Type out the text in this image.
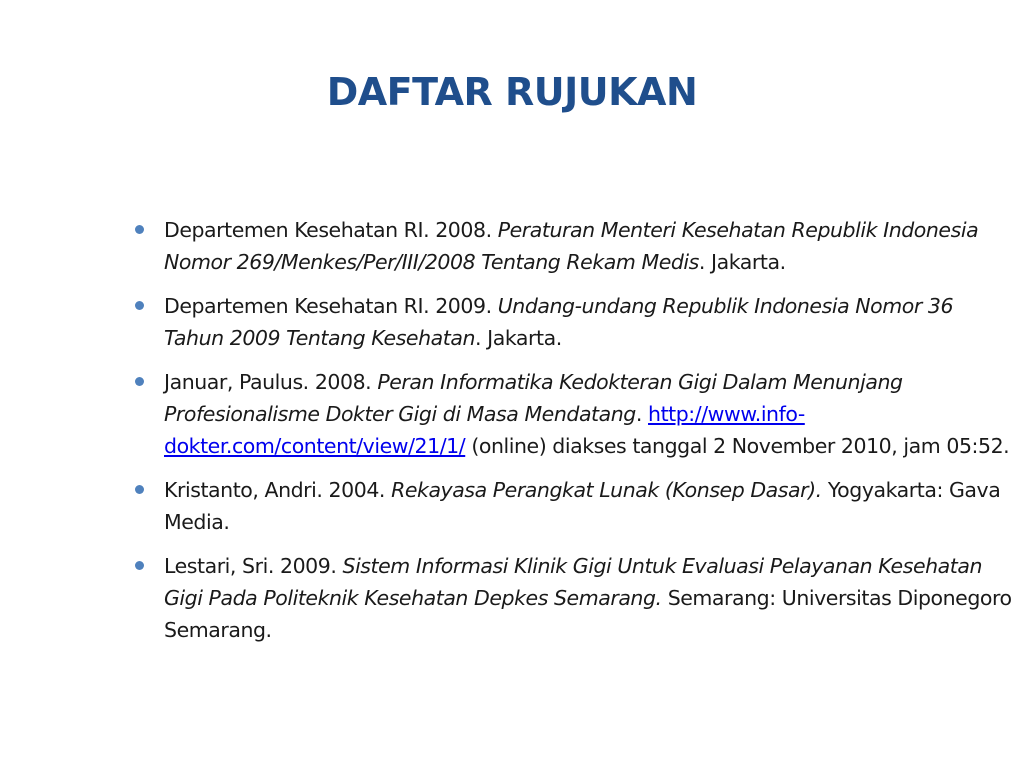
DAFTAR RUJUKAN
Departemen Kesehatan RI. 2008. Peraturan Menteri Kesehatan Republik Indonesia Nomor 269/Menkes/Per/III/2008 Tentang Rekam Medis. Jakarta.
Departemen Kesehatan RI. 2009. Undang-undang Republik Indonesia Nomor 36 Tahun 2009 Tentang Kesehatan. Jakarta.
Januar, Paulus. 2008. Peran Informatika Kedokteran Gigi Dalam Menunjang Profesionalisme Dokter Gigi di Masa Mendatang. http://www.info-dokter.com/content/view/21/1/ (online) diakses tanggal 2 November 2010, jam 05:52.
Kristanto, Andri. 2004. Rekayasa Perangkat Lunak (Konsep Dasar). Yogyakarta: Gava Media.
Lestari, Sri. 2009. Sistem Informasi Klinik Gigi Untuk Evaluasi Pelayanan Kesehatan Gigi Pada Politeknik Kesehatan Depkes Semarang. Semarang: Universitas Diponegoro Semarang.
